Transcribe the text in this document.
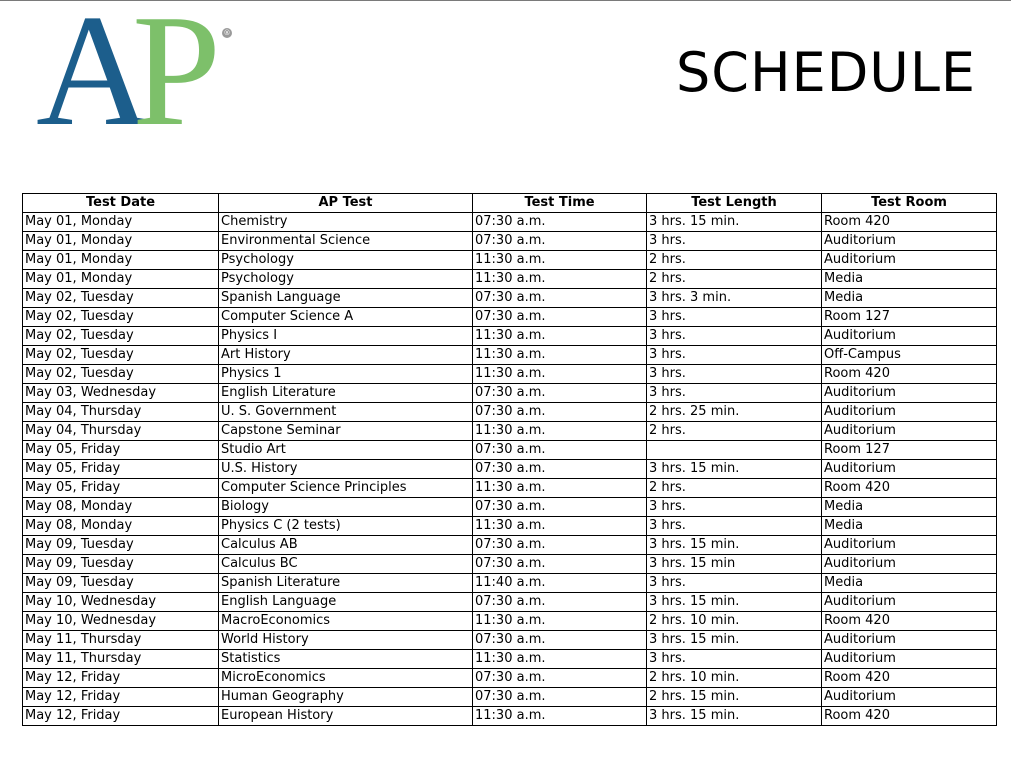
A
P ®
SCHEDULE
Test Date	AP Test	Test Time	Test Length	Test Room
May 01, Monday	Chemistry	07:30 a.m.	3 hrs. 15 min.	Room 420
May 01, Monday	Environmental Science	07:30 a.m.	3 hrs.	Auditorium
May 01, Monday	Psychology	11:30 a.m.	2 hrs.	Auditorium
May 01, Monday	Psychology	11:30 a.m.	2 hrs.	Media
May 02, Tuesday	Spanish Language	07:30 a.m.	3 hrs. 3 min.	Media
May 02, Tuesday	Computer Science A	07:30 a.m.	3 hrs.	Room 127
May 02, Tuesday	Physics I	11:30 a.m.	3 hrs.	Auditorium
May 02, Tuesday	Art History	11:30 a.m.	3 hrs.	Off-Campus
May 02, Tuesday	Physics 1	11:30 a.m.	3 hrs.	Room 420
May 03, Wednesday	English Literature	07:30 a.m.	3 hrs.	Auditorium
May 04, Thursday	U. S. Government	07:30 a.m.	2 hrs. 25 min.	Auditorium
May 04, Thursday	Capstone Seminar	11:30 a.m.	2 hrs.	Auditorium
May 05, Friday	Studio Art	07:30 a.m.		Room 127
May 05, Friday	U.S. History	07:30 a.m.	3 hrs. 15 min.	Auditorium
May 05, Friday	Computer Science Principles	11:30 a.m.	2 hrs.	Room 420
May 08, Monday	Biology	07:30 a.m.	3 hrs.	Media
May 08, Monday	Physics C (2 tests)	11:30 a.m.	3 hrs.	Media
May 09, Tuesday	Calculus AB	07:30 a.m.	3 hrs. 15 min.	Auditorium
May 09, Tuesday	Calculus BC	07:30 a.m.	3 hrs. 15 min	Auditorium
May 09, Tuesday	Spanish Literature	11:40 a.m.	3 hrs.	Media
May 10, Wednesday	English Language	07:30 a.m.	3 hrs. 15 min.	Auditorium
May 10, Wednesday	MacroEconomics	11:30 a.m.	2 hrs. 10 min.	Room 420
May 11, Thursday	World History	07:30 a.m.	3 hrs. 15 min.	Auditorium
May 11, Thursday	Statistics	11:30 a.m.	3 hrs.	Auditorium
May 12, Friday	MicroEconomics	07:30 a.m.	2 hrs. 10 min.	Room 420
May 12, Friday	Human Geography	07:30 a.m.	2 hrs. 15 min.	Auditorium
May 12, Friday	European History	11:30 a.m.	3 hrs. 15 min.	Room 420
